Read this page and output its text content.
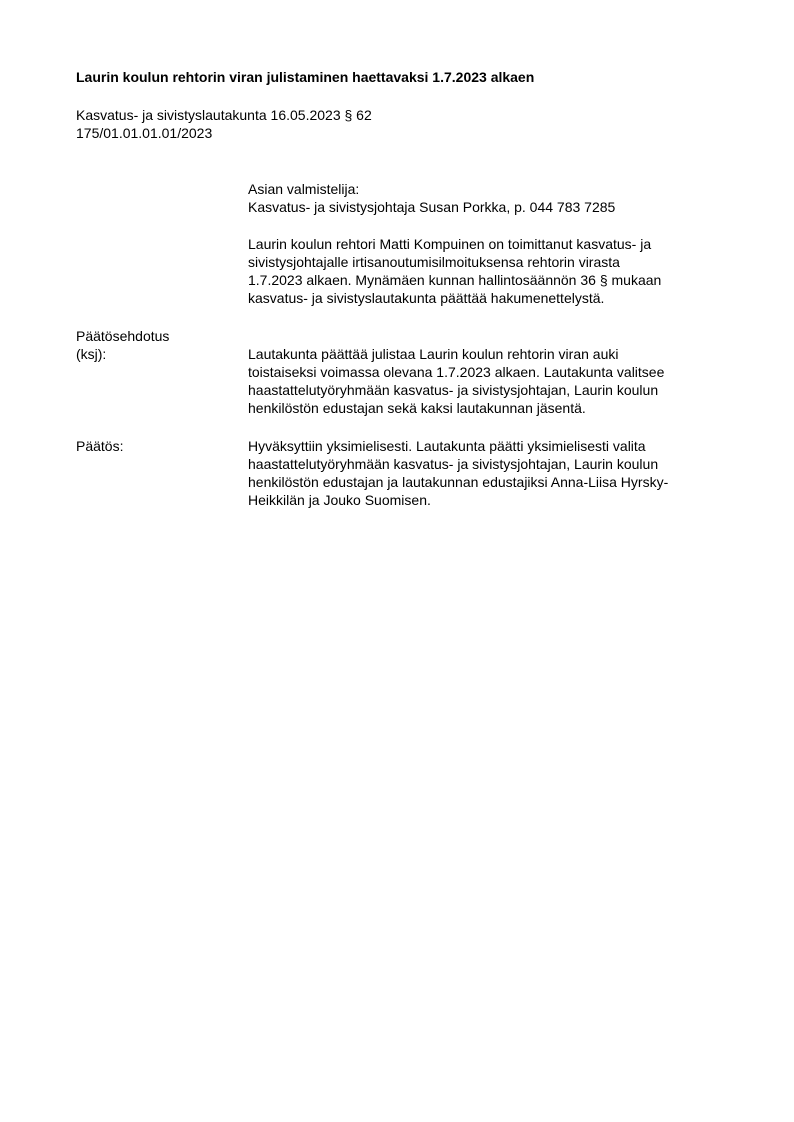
Laurin koulun rehtorin viran julistaminen haettavaksi 1.7.2023 alkaen
Kasvatus- ja sivistyslautakunta 16.05.2023 § 62
175/01.01.01.01/2023
Asian valmistelija:
Kasvatus- ja sivistysjohtaja Susan Porkka, p. 044 783 7285
Laurin koulun rehtori Matti Kompuinen on toimittanut kasvatus- ja
sivistysjohtajalle irtisanoutumisilmoituksensa rehtorin virasta
1.7.2023 alkaen. Mynämäen kunnan hallintosäännön 36 § mukaan
kasvatus- ja sivistyslautakunta päättää hakumenettelystä.
Päätösehdotus
(ksj):	Lautakunta päättää julistaa Laurin koulun rehtorin viran auki
toistaiseksi voimassa olevana 1.7.2023 alkaen. Lautakunta valitsee
haastattelutyöryhmään kasvatus- ja sivistysjohtajan, Laurin koulun
henkilöstön edustajan sekä kaksi lautakunnan jäsentä.
Päätös:	Hyväksyttiin yksimielisesti. Lautakunta päätti yksimielisesti valita
haastattelutyöryhmään kasvatus- ja sivistysjohtajan, Laurin koulun
henkilöstön edustajan ja lautakunnan edustajiksi Anna-Liisa Hyrsky-
Heikkilän ja Jouko Suomisen.
